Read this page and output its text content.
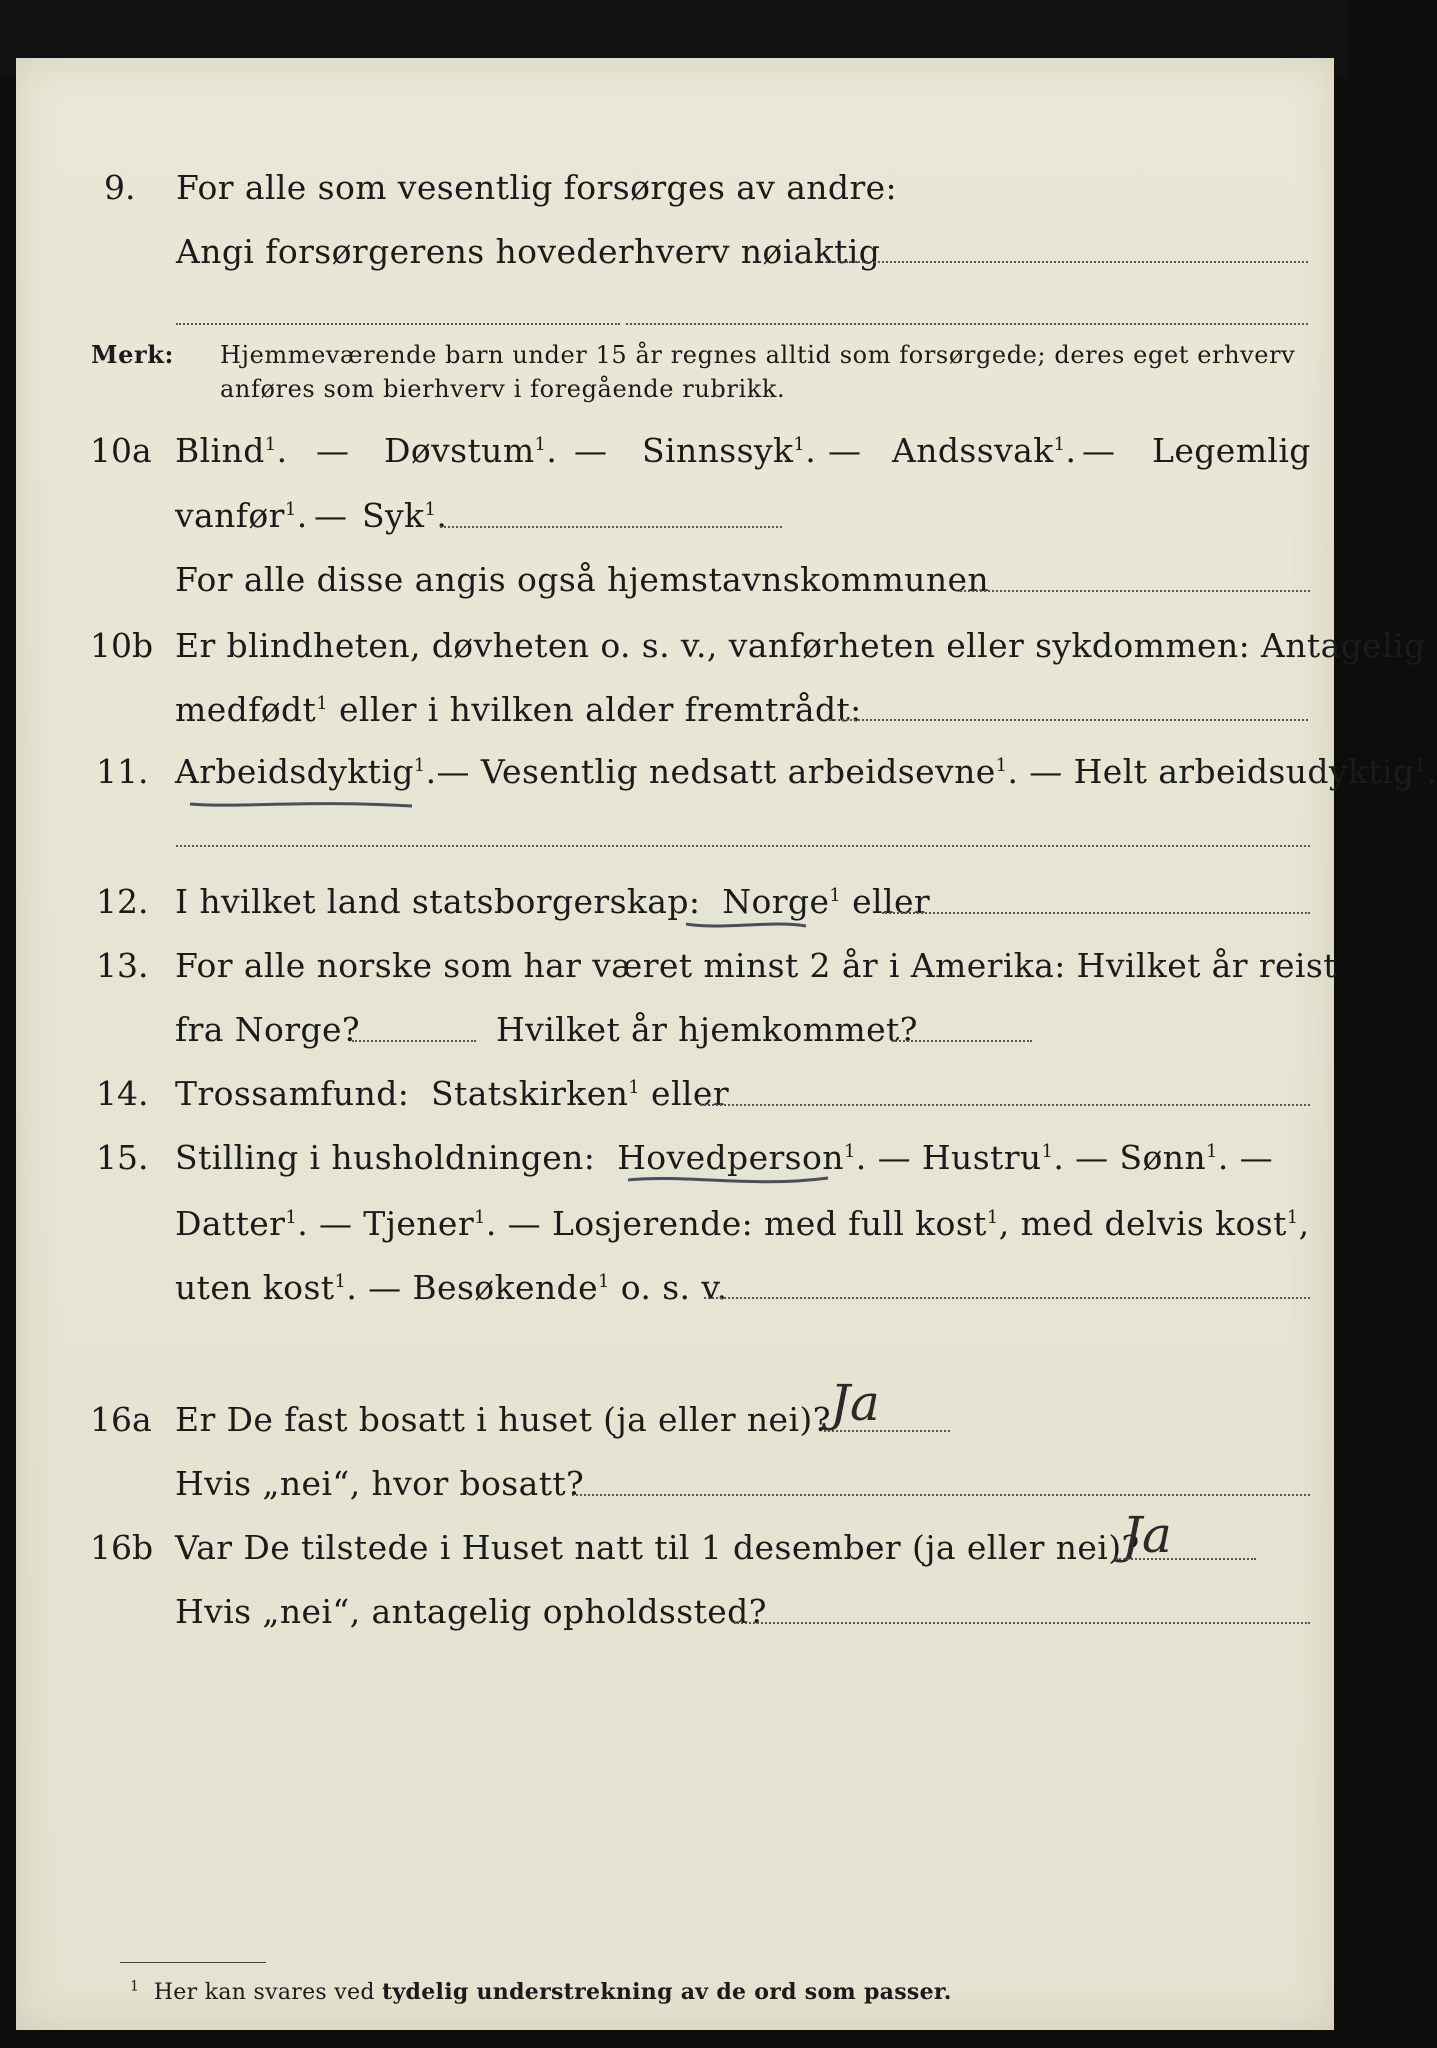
9. For alle som vesentlig forsørges av andre:
Angi forsørgerens hovederhverv nøiaktig
Merk: Hjemmeværende barn under 15 år regnes alltid som forsørgede; deres eget erhverv
anføres som bierhverv i foregående rubrikk.
10a Blind$^1$. — Døvstum$^1$. — Sinnssyk$^1$. — Andssvak$^1$. — Legemlig
vanfør$^1$. — Syk$^1$.
For alle disse angis også hjemstavnskommunen
10b Er blindheten, døvheten o. s. v., vanførheten eller sykdommen: Antagelig
medfødt$^1$ eller i hvilken alder fremtrådt:
11. Arbeidsdyktig$^1$.— Vesentlig nedsatt arbeidsevne$^1$. — Helt arbeidsudyktig$^1$.
12. I hvilket land statsborgerskap: Norge$^1$ eller
13. For alle norske som har været minst 2 år i Amerika: Hvilket år reist
fra Norge?	Hvilket år hjemkommet?
14. Trossamfund: Statskirken$^1$ eller
15. Stilling i husholdningen: Hovedperson$^1$. — Hustru$^1$. — Sønn$^1$. —
Datter$^1$. — Tjener$^1$. — Losjerende: med full kost$^1$, med delvis kost$^1$,
uten kost$^1$. — Besøkende$^1$ o. s. v.
16a Er De fast bosatt i huset (ja eller nei)? Ja
Hvis „nei“, hvor bosatt?
16b Var De tilstede i Huset natt til 1 desember (ja eller nei)?
Ja
Hvis „nei“, antagelig opholdssted?
$^1$ Her kan svares ved tydelig understrekning av de ord som passer.
